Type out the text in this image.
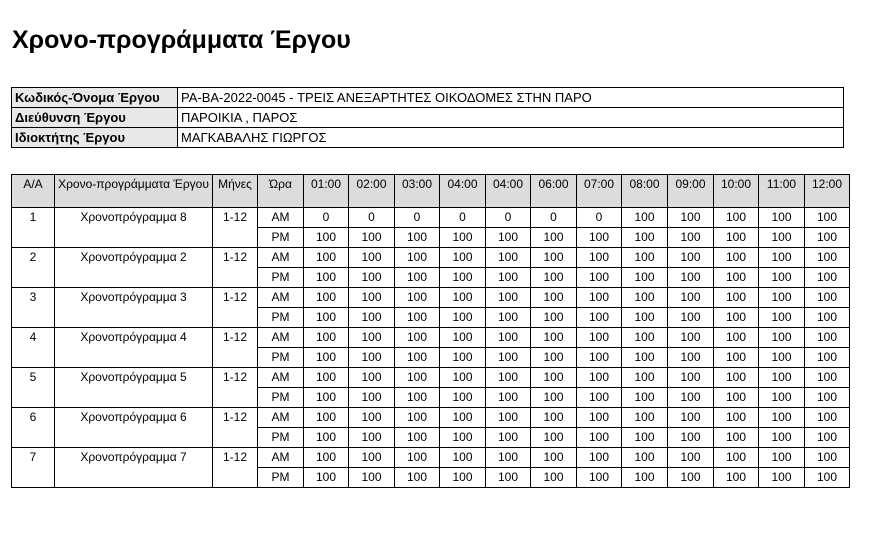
Χρονο-προγράμματα Έργου
Κωδικός-Όνομα Έργου	PA-BA-2022-0045 - ΤΡΕΙΣ ΑΝΕΞΑΡΤΗΤΕΣ ΟΙΚΟΔΟΜΕΣ ΣΤΗΝ ΠΑΡΟ
Διεύθυνση Έργου	ΠΑΡΟΙΚΙΑ , ΠΑΡΟΣ
Ιδιοκτήτης Έργου	ΜΑΓΚΑΒΑΛΗΣ ΓΙΩΡΓΟΣ
Α/Α	Χρονο-προγράμματα Έργου	Μήνες	Ώρα	01:00	02:00	03:00	04:00	04:00	06:00	07:00	08:00	09:00	10:00	11:00	12:00
1	Χρονοπρόγραμμα 8	1-12	AM	0	0	0	0	0	0	0	100	100	100	100	100
			PM	100	100	100	100	100	100	100	100	100	100	100	100
2	Χρονοπρόγραμμα 2	1-12	AM	100	100	100	100	100	100	100	100	100	100	100	100
			PM	100	100	100	100	100	100	100	100	100	100	100	100
3	Χρονοπρόγραμμα 3	1-12	AM	100	100	100	100	100	100	100	100	100	100	100	100
			PM	100	100	100	100	100	100	100	100	100	100	100	100
4	Χρονοπρόγραμμα 4	1-12	AM	100	100	100	100	100	100	100	100	100	100	100	100
			PM	100	100	100	100	100	100	100	100	100	100	100	100
5	Χρονοπρόγραμμα 5	1-12	AM	100	100	100	100	100	100	100	100	100	100	100	100
			PM	100	100	100	100	100	100	100	100	100	100	100	100
6	Χρονοπρόγραμμα 6	1-12	AM	100	100	100	100	100	100	100	100	100	100	100	100
			PM	100	100	100	100	100	100	100	100	100	100	100	100
7	Χρονοπρόγραμμα 7	1-12	AM	100	100	100	100	100	100	100	100	100	100	100	100
			PM	100	100	100	100	100	100	100	100	100	100	100	100
